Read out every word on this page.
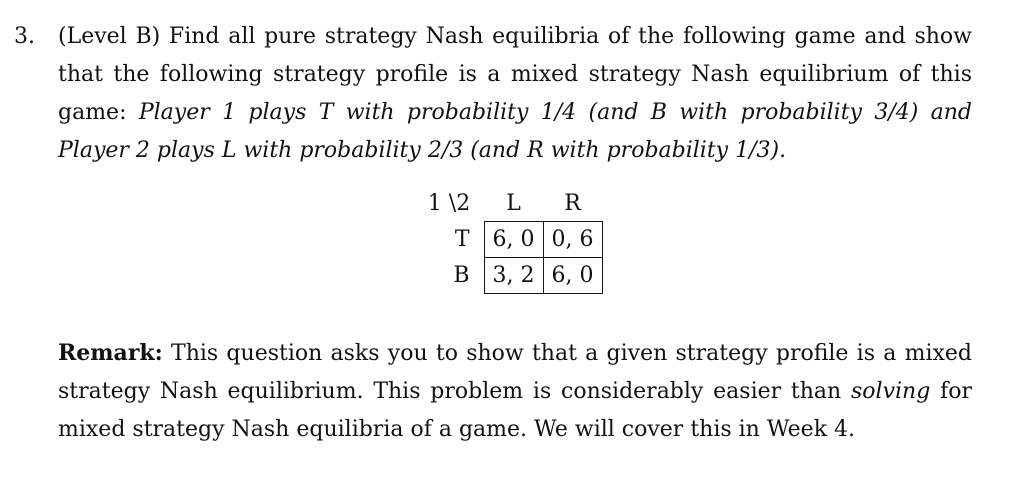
3. (Level B) Find all pure strategy Nash equilibria of the following game and show
that the following strategy profile is a mixed strategy Nash equilibrium of this
game: Player 1 plays T with probability 1/4 (and B with probability 3/4) and
Player 2 plays L with probability 2/3 (and R with probability 1/3).
1 \2	L	R
T	6, 0	0, 6
B	3, 2	6, 0
Remark: This question asks you to show that a given strategy profile is a mixed
strategy Nash equilibrium. This problem is considerably easier than solving for
mixed strategy Nash equilibria of a game. We will cover this in Week 4.
